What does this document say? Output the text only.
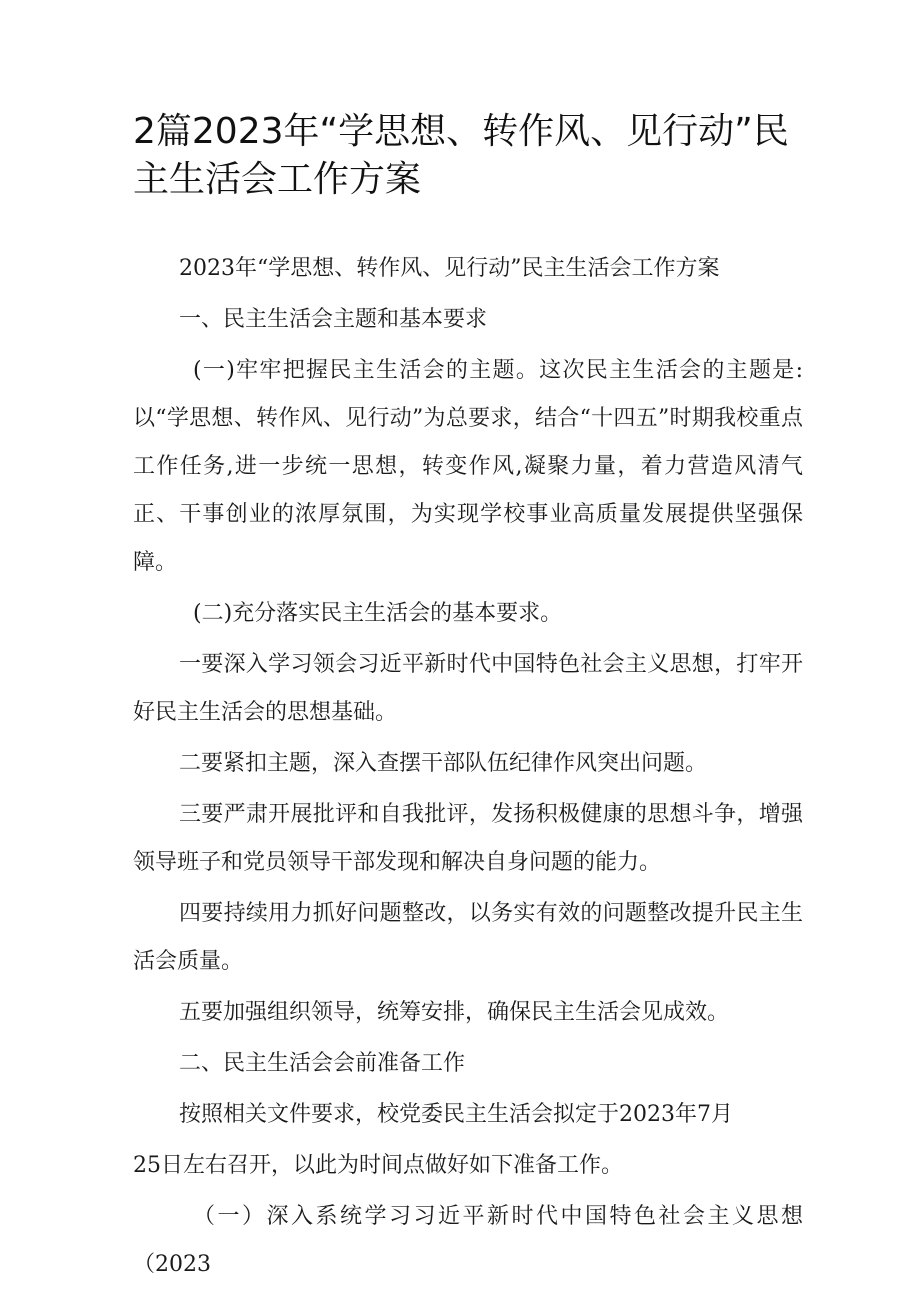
2篇2023年“学思想、转作风、见行动”民主生活会工作方案

2023年“学思想、转作风、见行动”民主生活会工作方案

一、民主生活会主题和基本要求

(一)牢牢把握民主生活会的主题。这次民主生活会的主题是:以“学思想、转作风、见行动”为总要求，结合“十四五”时期我校重点工作任务,进一步统一思想，转变作风,凝聚力量，着力营造风清气正、干事创业的浓厚氛围，为实现学校事业高质量发展提供坚强保障。

(二)充分落实民主生活会的基本要求。

一要深入学习领会习近平新时代中国特色社会主义思想，打牢开好民主生活会的思想基础。

二要紧扣主题，深入查摆干部队伍纪律作风突出问题。

三要严肃开展批评和自我批评，发扬积极健康的思想斗争，增强领导班子和党员领导干部发现和解决自身问题的能力。

四要持续用力抓好问题整改，以务实有效的问题整改提升民主生活会质量。

五要加强组织领导，统筹安排，确保民主生活会见成效。

二、民主生活会会前准备工作

按照相关文件要求，校党委民主生活会拟定于2023年7月

25日左右召开，以此为时间点做好如下准备工作。

（一）深入系统学习习近平新时代中国特色社会主义思想（2023
